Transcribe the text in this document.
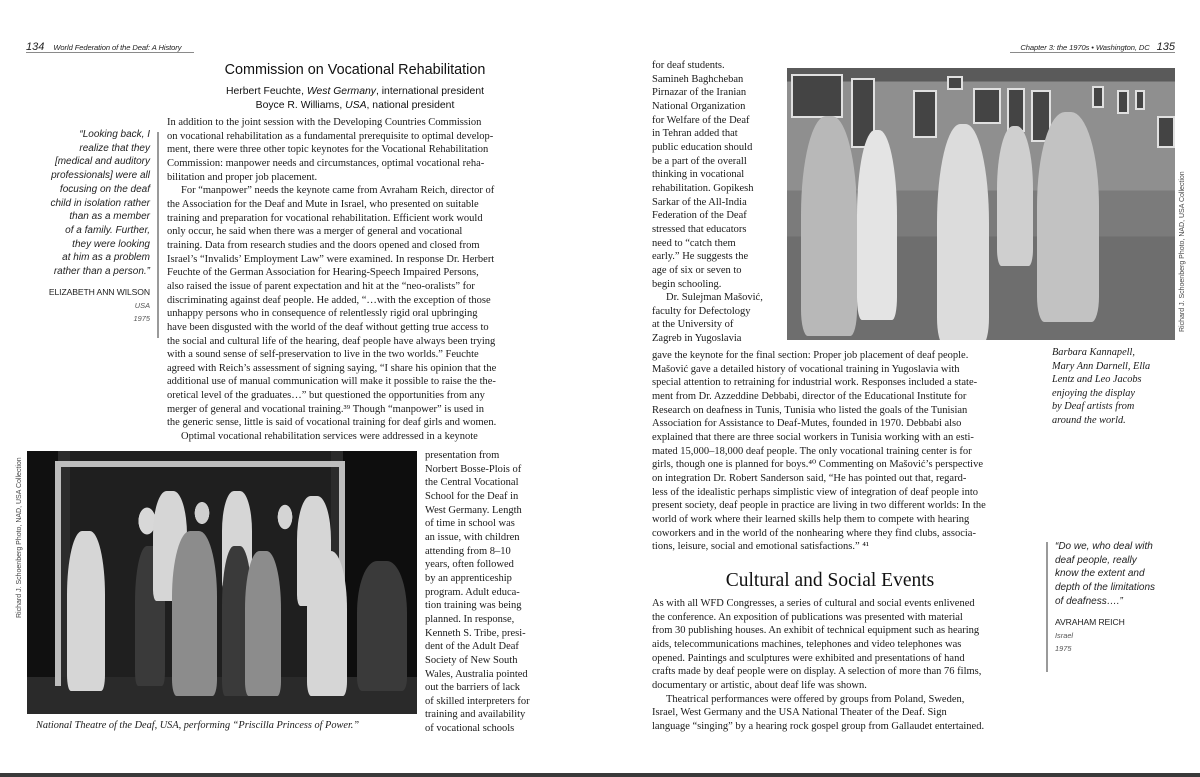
134 World Federation of the Deaf: A History
Commission on Vocational Rehabilitation
Herbert Feuchte, West Germany, international president
Boyce R. Williams, USA, national president
“Looking back, I
realize that they
[medical and auditory
professionals] were all
focusing on the deaf
child in isolation rather
than as a member
of a family. Further,
they were looking
at him as a problem
rather than a person.”
ELIZABETH ANN WILSON
USA
1975
In addition to the joint session with the Developing Countries Commission
on vocational rehabilitation as a fundamental prerequisite to optimal develop-
ment, there were three other topic keynotes for the Vocational Rehabilitation
Commission: manpower needs and circumstances, optimal vocational reha-
bilitation and proper job placement.
For “manpower” needs the keynote came from Avraham Reich, director of
the Association for the Deaf and Mute in Israel, who presented on suitable
training and preparation for vocational rehabilitation. Efficient work would
only occur, he said when there was a merger of general and vocational
training. Data from research studies and the doors opened and closed from
Israel’s “Invalids’ Employment Law” were examined. In response Dr. Herbert
Feuchte of the German Association for Hearing-Speech Impaired Persons,
also raised the issue of parent expectation and hit at the “neo-oralists” for
discriminating against deaf people. He added, “…with the exception of those
unhappy persons who in consequence of relentlessly rigid oral upbringing
have been disgusted with the world of the deaf without getting true access to
the social and cultural life of the hearing, deaf people have always been trying
with a sound sense of self-preservation to live in the two worlds.” Feuchte
agreed with Reich’s assessment of signing saying, “I share his opinion that the
additional use of manual communication will make it possible to raise the the-
oretical level of the graduates…” but questioned the opportunities from any
merger of general and vocational training.³⁹ Though “manpower” is used in
the generic sense, little is said of vocational training for deaf girls and women.
Optimal vocational rehabilitation services were addressed in a keynote
Richard J. Schoenberg Photo, NAD, USA Collection
presentation from
Norbert Bosse-Plois of
the Central Vocational
School for the Deaf in
West Germany. Length
of time in school was
an issue, with children
attending from 8–10
years, often followed
by an apprenticeship
program. Adult educa-
tion training was being
planned. In response,
Kenneth S. Tribe, presi-
dent of the Adult Deaf
Society of New South
Wales, Australia pointed
out the barriers of lack
of skilled interpreters for
training and availability
of vocational schools
National Theatre of the Deaf, USA, performing “Priscilla Princess of Power.”
Chapter 3: the 1970s • Washington, DC 135
for deaf students.
Samineh Baghcheban
Pirnazar of the Iranian
National Organization
for Welfare of the Deaf
in Tehran added that
public education should
be a part of the overall
thinking in vocational
rehabilitation. Gopikesh
Sarkar of the All-India
Federation of the Deaf
stressed that educators
need to “catch them
early.” He suggests the
age of six or seven to
begin schooling.
Dr. Sulejman Mašović,
faculty for Defectology
at the University of
Zagreb in Yugoslavia
Richard J. Schoenberg Photo, NAD, USA Collection
Barbara Kannapell,
Mary Ann Darnell, Ella
Lentz and Leo Jacobs
enjoying the display
by Deaf artists from
around the world.
gave the keynote for the final section: Proper job placement of deaf people.
Mašović gave a detailed history of vocational training in Yugoslavia with
special attention to retraining for industrial work. Responses included a state-
ment from Dr. Azzeddine Debbabi, director of the Educational Institute for
Research on deafness in Tunis, Tunisia who listed the goals of the Tunisian
Association for Assistance to Deaf-Mutes, founded in 1970. Debbabi also
explained that there are three social workers in Tunisia working with an esti-
mated 15,000–18,000 deaf people. The only vocational training center is for
girls, though one is planned for boys.⁴⁰ Commenting on Mašović’s perspective
on integration Dr. Robert Sanderson said, “He has pointed out that, regard-
less of the idealistic perhaps simplistic view of integration of deaf people into
present society, deaf people in practice are living in two different worlds: In the
world of work where their learned skills help them to compete with hearing
coworkers and in the world of the nonhearing where they find clubs, associa-
tions, leisure, social and emotional satisfactions.” ⁴¹
Cultural and Social Events
As with all WFD Congresses, a series of cultural and social events enlivened
the conference. An exposition of publications was presented with material
from 30 publishing houses. An exhibit of technical equipment such as hearing
aids, telecommunications machines, telephones and video telephones was
opened. Paintings and sculptures were exhibited and presentations of hand
crafts made by deaf people were on display. A selection of more than 76 films,
documentary or artistic, about deaf life was shown.
Theatrical performances were offered by groups from Poland, Sweden,
Israel, West Germany and the USA National Theater of the Deaf. Sign
language “singing” by a hearing rock gospel group from Gallaudet entertained.
“Do we, who deal with
deaf people, really
know the extent and
depth of the limitations
of deafness….”
AVRAHAM REICH
Israel
1975
